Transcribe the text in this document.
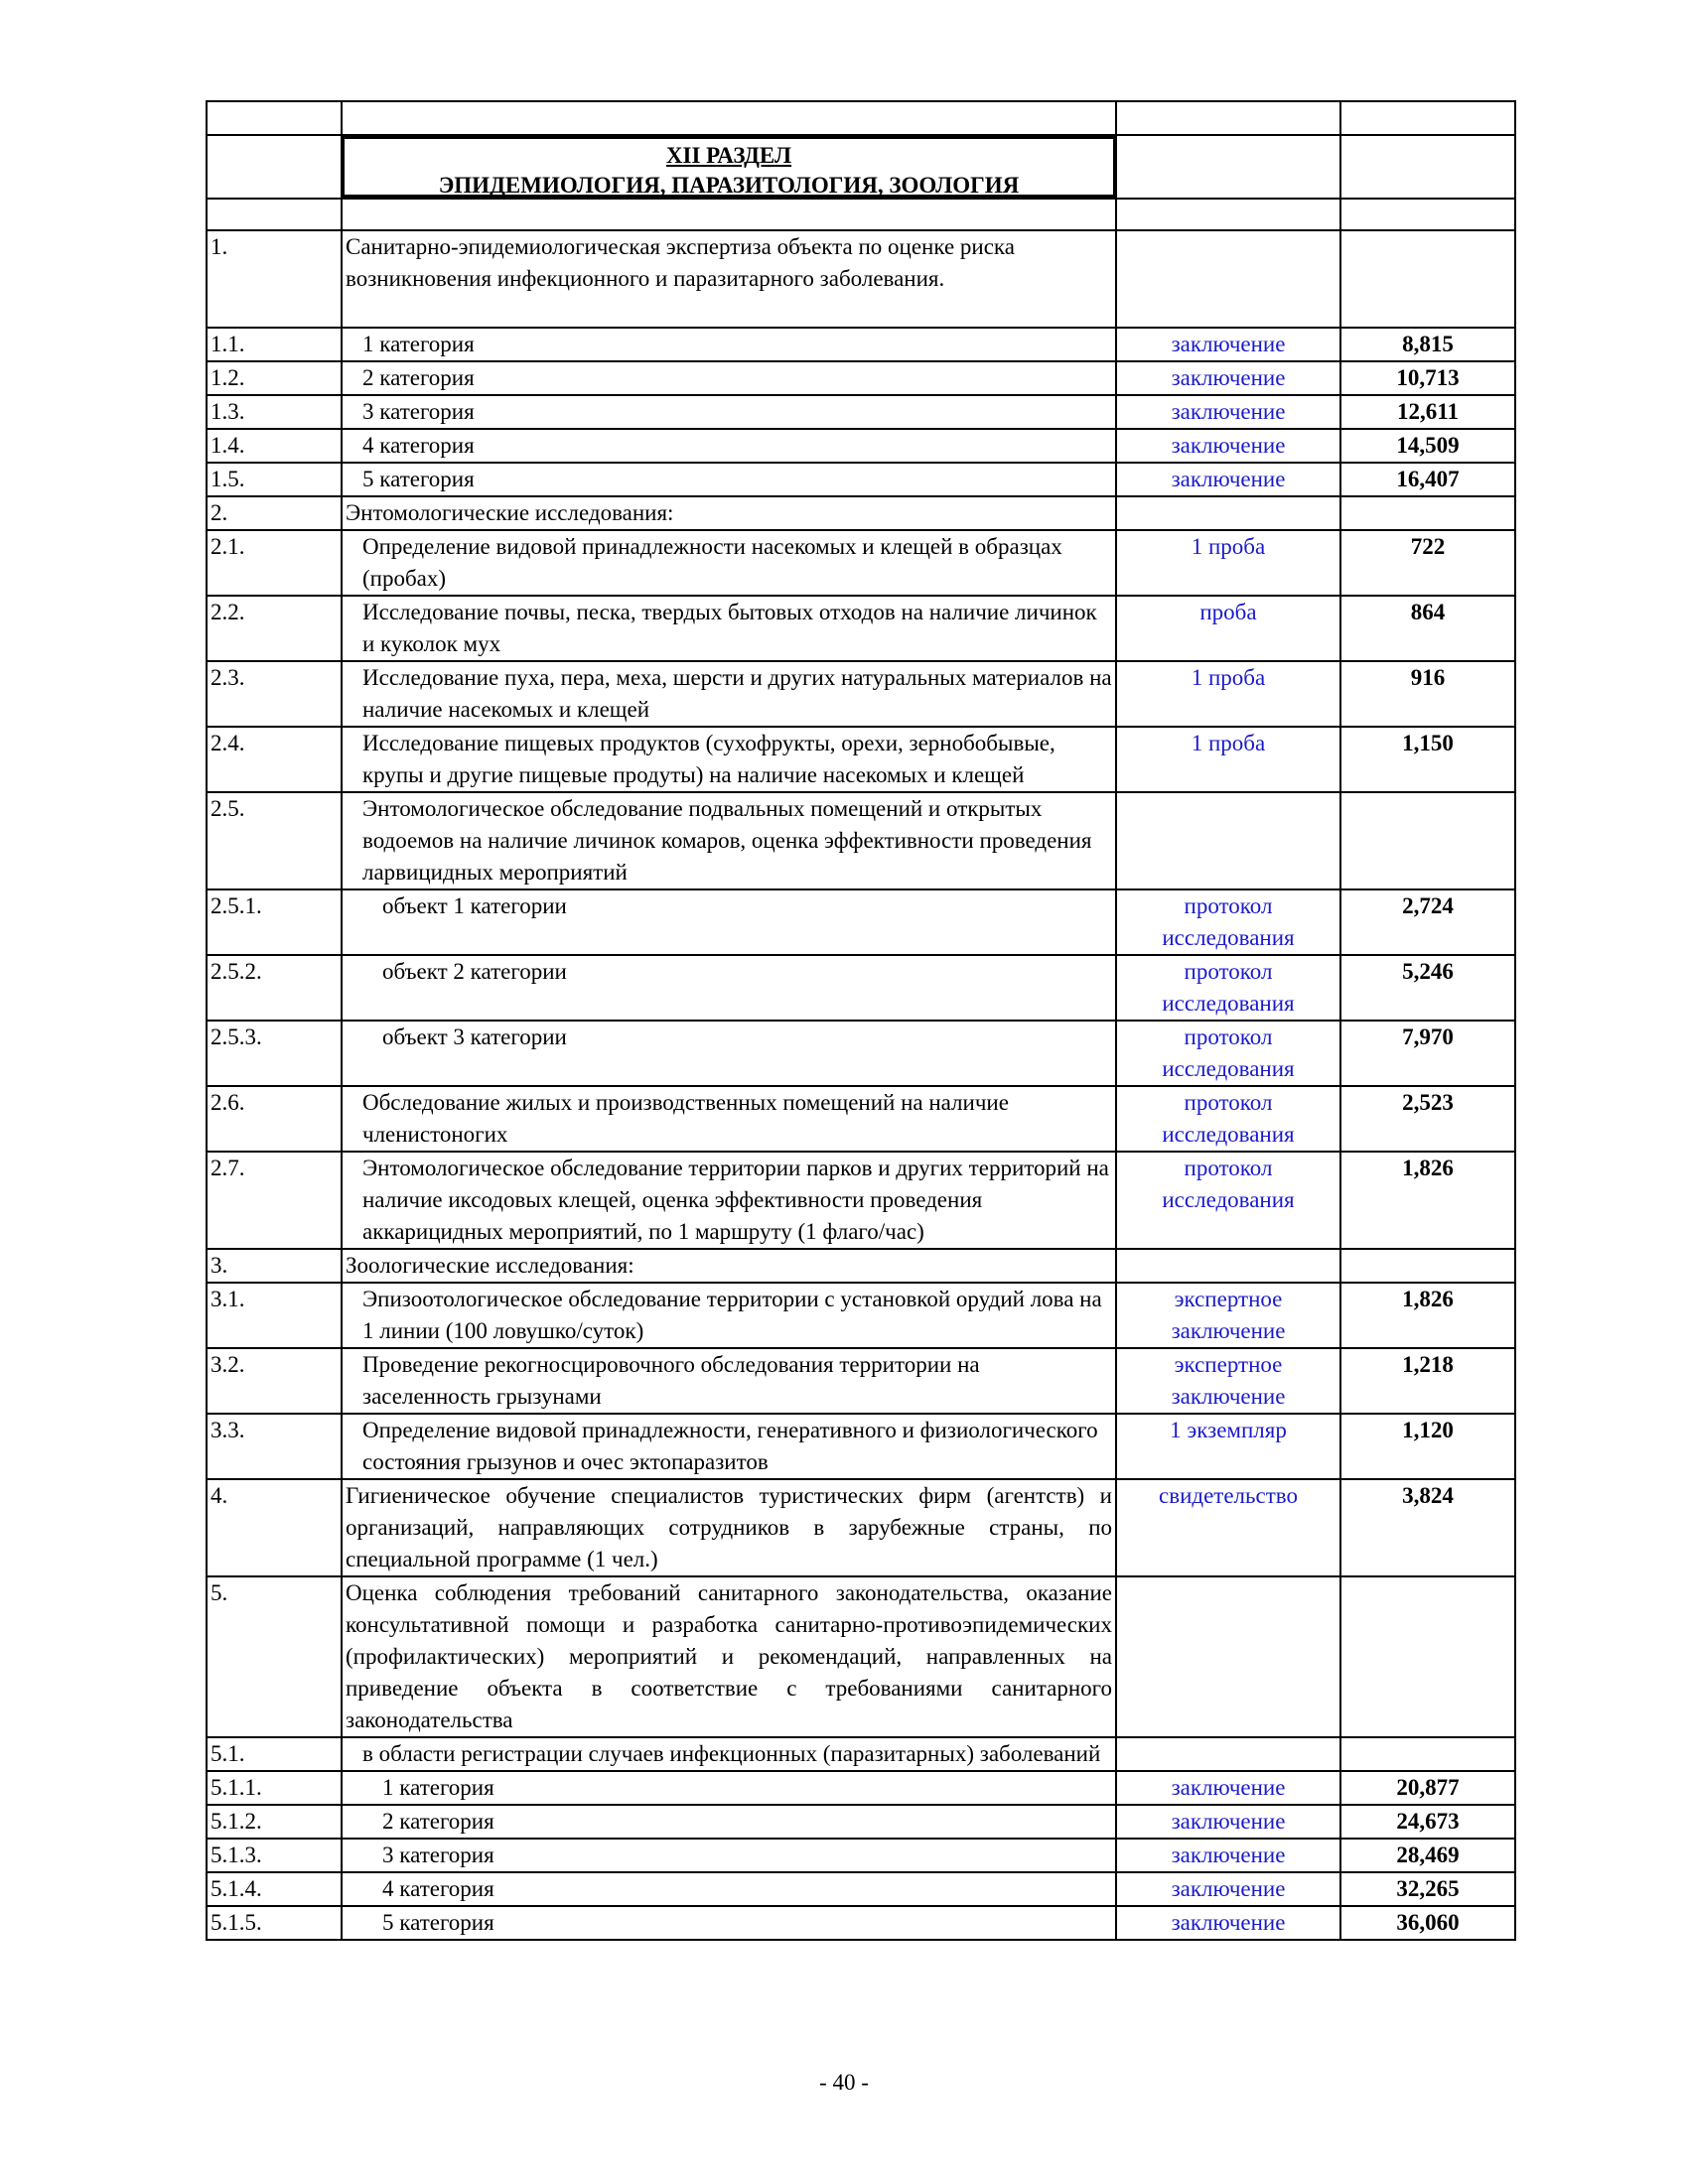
	XII РАЗДЕЛ
ЭПИДЕМИОЛОГИЯ, ПАРАЗИТОЛОГИЯ, ЗООЛОГИЯ		

1.	Санитарно-эпидемиологическая экспертиза объекта по оценке риска возникновения инфекционного и паразитарного заболевания.		
1.1.	1 категория	заключение	8,815
1.2.	2 категория	заключение	10,713
1.3.	3 категория	заключение	12,611
1.4.	4 категория	заключение	14,509
1.5.	5 категория	заключение	16,407
2.	Энтомологические исследования:		
2.1.	Определение видовой принадлежности насекомых и клещей в образцах (пробах)	1 проба	722
2.2.	Исследование почвы, песка, твердых бытовых отходов на наличие личинок и куколок мух	проба	864
2.3.	Исследование пуха, пера, меха, шерсти и других натуральных материалов на наличие насекомых и клещей	1 проба	916
2.4.	Исследование пищевых продуктов (сухофрукты, орехи, зернобобывые, крупы и другие пищевые продуты) на наличие насекомых и клещей	1 проба	1,150
2.5.	Энтомологическое обследование подвальных помещений и открытых водоемов на наличие личинок комаров, оценка эффективности проведения ларвицидных мероприятий		
2.5.1.	объект 1 категории	протокол исследования	2,724
2.5.2.	объект 2 категории	протокол исследования	5,246
2.5.3.	объект 3 категории	протокол исследования	7,970
2.6.	Обследование жилых и производственных помещений на наличие членистоногих	протокол исследования	2,523
2.7.	Энтомологическое обследование территории парков и других территорий на наличие иксодовых клещей, оценка эффективности проведения аккарицидных мероприятий, по 1 маршруту (1 флаго/час)	протокол исследования	1,826
3.	Зоологические исследования:		
3.1.	Эпизоотологическое обследование территории с установкой орудий лова на 1 линии (100 ловушко/суток)	экспертное заключение	1,826
3.2.	Проведение рекогносцировочного обследования территории на заселенность грызунами	экспертное заключение	1,218
3.3.	Определение видовой принадлежности, генеративного и физиологического состояния грызунов и очес эктопаразитов	1 экземпляр	1,120
4.	Гигиеническое обучение специалистов туристических фирм (агентств) и организаций, направляющих сотрудников в зарубежные страны, по специальной программе (1 чел.)	свидетельство	3,824
5.	Оценка соблюдения требований санитарного законодательства, оказание консультативной помощи и разработка санитарно-противоэпидемических (профилактических) мероприятий и рекомендаций, направленных на приведение объекта в соответствие с требованиями санитарного законодательства		
5.1.	в области регистрации случаев инфекционных (паразитарных) заболеваний		
5.1.1.	1 категория	заключение	20,877
5.1.2.	2 категория	заключение	24,673
5.1.3.	3 категория	заключение	28,469
5.1.4.	4 категория	заключение	32,265
5.1.5.	5 категория	заключение	36,060
- 40 -
